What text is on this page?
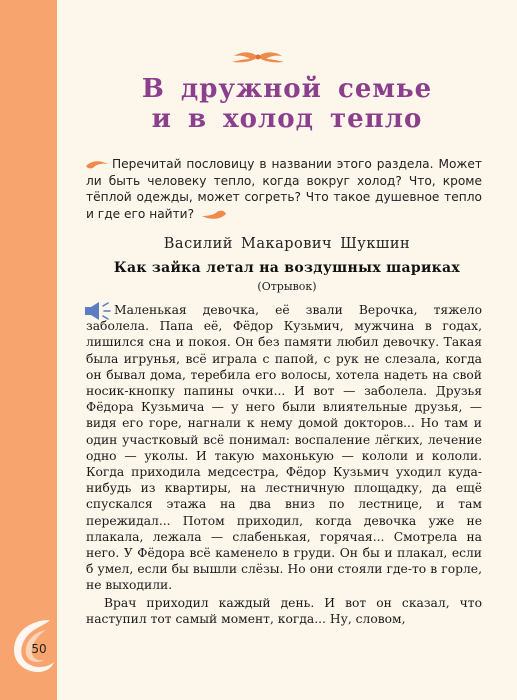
В дружной семье
и в холод тепло
Перечитай пословицу в названии этого раздела. Может ли быть человеку тепло, когда вокруг холод? Что, кроме тёплой одежды, может согреть? Что такое душевное тепло и где его найти?
Василий Макарович Шукшин
Как зайка летал на воздушных шариках
(Отрывок)

Маленькая девочка, её звали Верочка, тяжело заболела. Папа её, Фёдор Кузьмич, мужчина в годах, лишился сна и покоя. Он без памяти любил девочку. Такая была игрунья, всё играла с папой, с рук не слезала, когда он бывал дома, теребила его волосы, хотела надеть на свой носик-кнопку папины очки... И вот — заболела. Друзья Фёдора Кузьмича — у него были влиятельные друзья, — видя его горе, нагнали к нему домой докторов... Но там и один участковый всё понимал: воспаление лёгких, лечение одно — уколы. И такую махонькую — кололи и кололи. Когда приходила медсестра, Фёдор Кузьмич уходил куда-нибудь из квартиры, на лестничную площадку, да ещё спускался этажа на два вниз по лестнице, и там пережидал... Потом приходил, когда девочка уже не плакала, лежала — слабенькая, горячая... Смотрела на него. У Фёдора всё каменело в груди. Он бы и плакал, если б умел, если бы вышли слёзы. Но они стояли где-то в горле, не выходили.

Врач приходил каждый день. И вот он сказал, что наступил тот самый момент, когда... Ну, словом,

50
